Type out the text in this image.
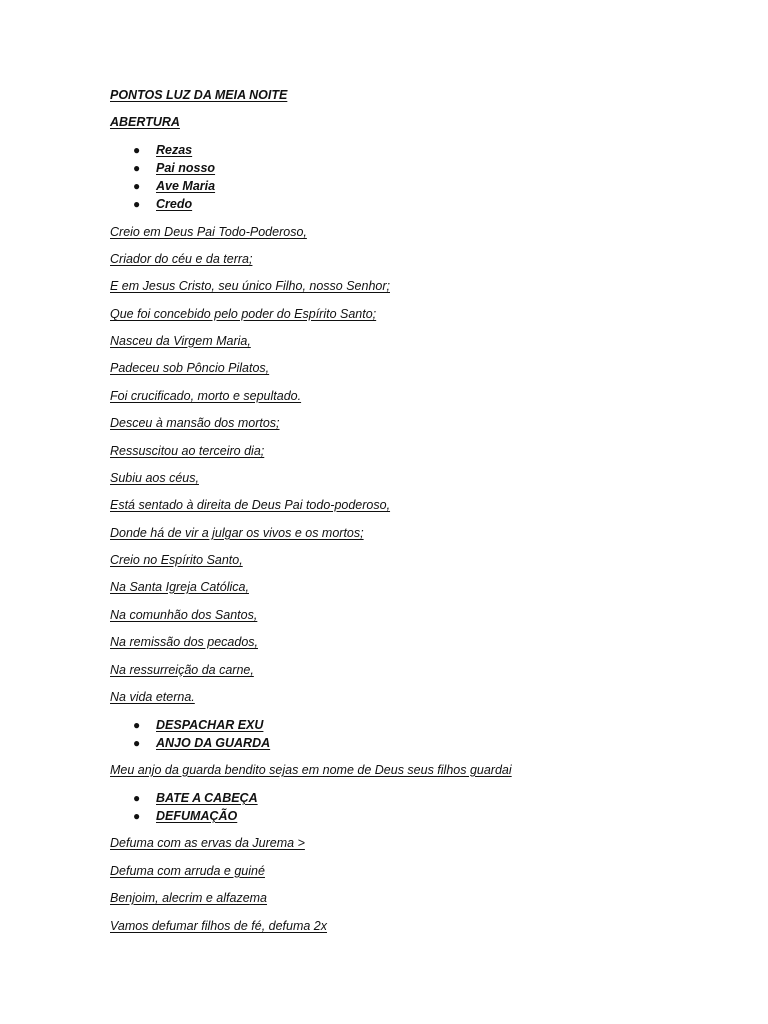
PONTOS LUZ DA MEIA NOITE
ABERTURA
● Rezas
● Pai nosso
● Ave Maria
● Credo
Creio em Deus Pai Todo-Poderoso,
Criador do céu e da terra;
E em Jesus Cristo, seu único Filho, nosso Senhor;
Que foi concebido pelo poder do Espírito Santo;
Nasceu da Virgem Maria,
Padeceu sob Pôncio Pilatos,
Foi crucificado, morto e sepultado.
Desceu à mansão dos mortos;
Ressuscitou ao terceiro dia;
Subiu aos céus,
Está sentado à direita de Deus Pai todo-poderoso,
Donde há de vir a julgar os vivos e os mortos;
Creio no Espírito Santo,
Na Santa Igreja Católica,
Na comunhão dos Santos,
Na remissão dos pecados,
Na ressurreição da carne,
Na vida eterna.
● DESPACHAR EXU
● ANJO DA GUARDA
Meu anjo da guarda bendito sejas em nome de Deus seus filhos guardai
● BATE A CABEÇA
● DEFUMAÇÃO
Defuma com as ervas da Jurema >
Defuma com arruda e guiné
Benjoim, alecrim e alfazema
Vamos defumar filhos de fé, defuma 2x
